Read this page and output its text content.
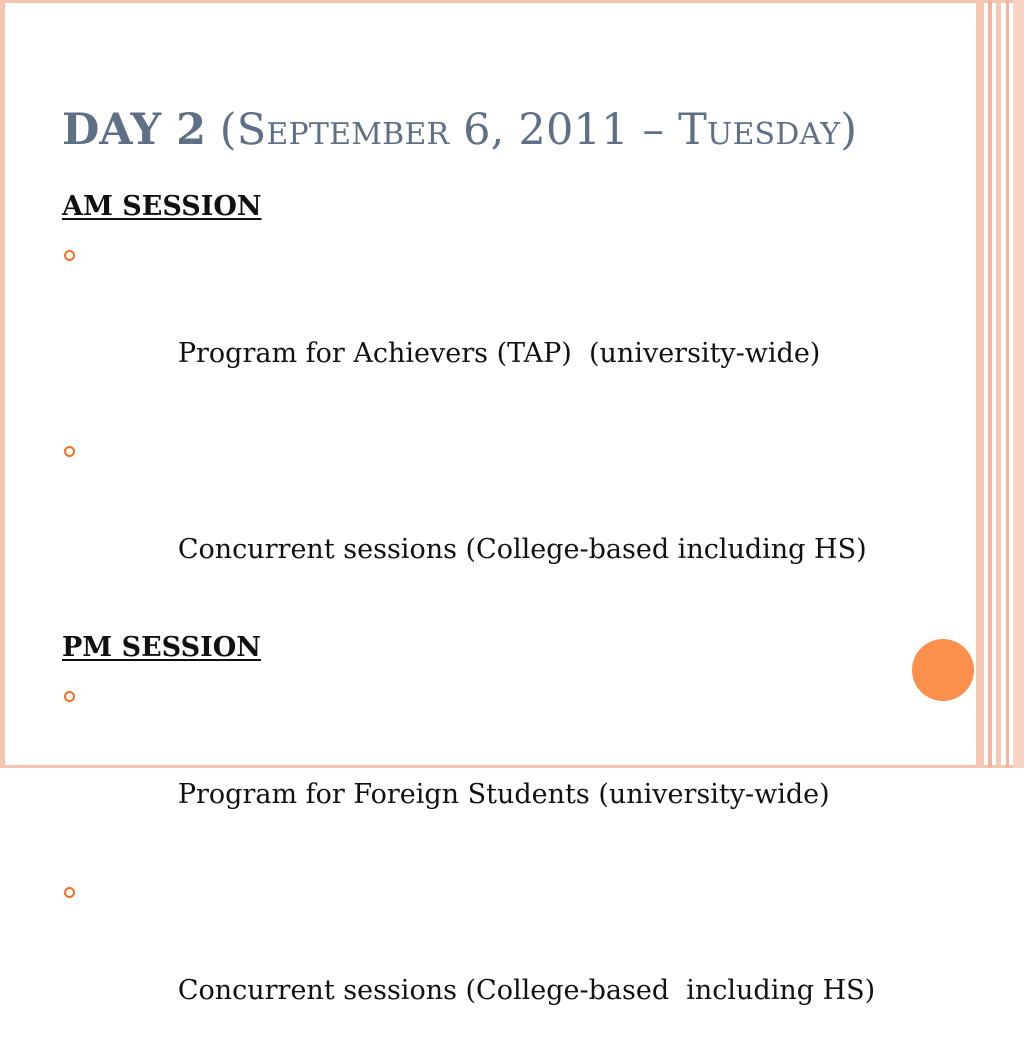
DAY 2 (September 6, 2011 – Tuesday)
AM SESSION

Program for Achievers (TAP)  (university-wide)

Concurrent sessions (College-based including HS)

PM SESSION

Program for Foreign Students (university-wide)

Concurrent sessions (College-based  including HS)
